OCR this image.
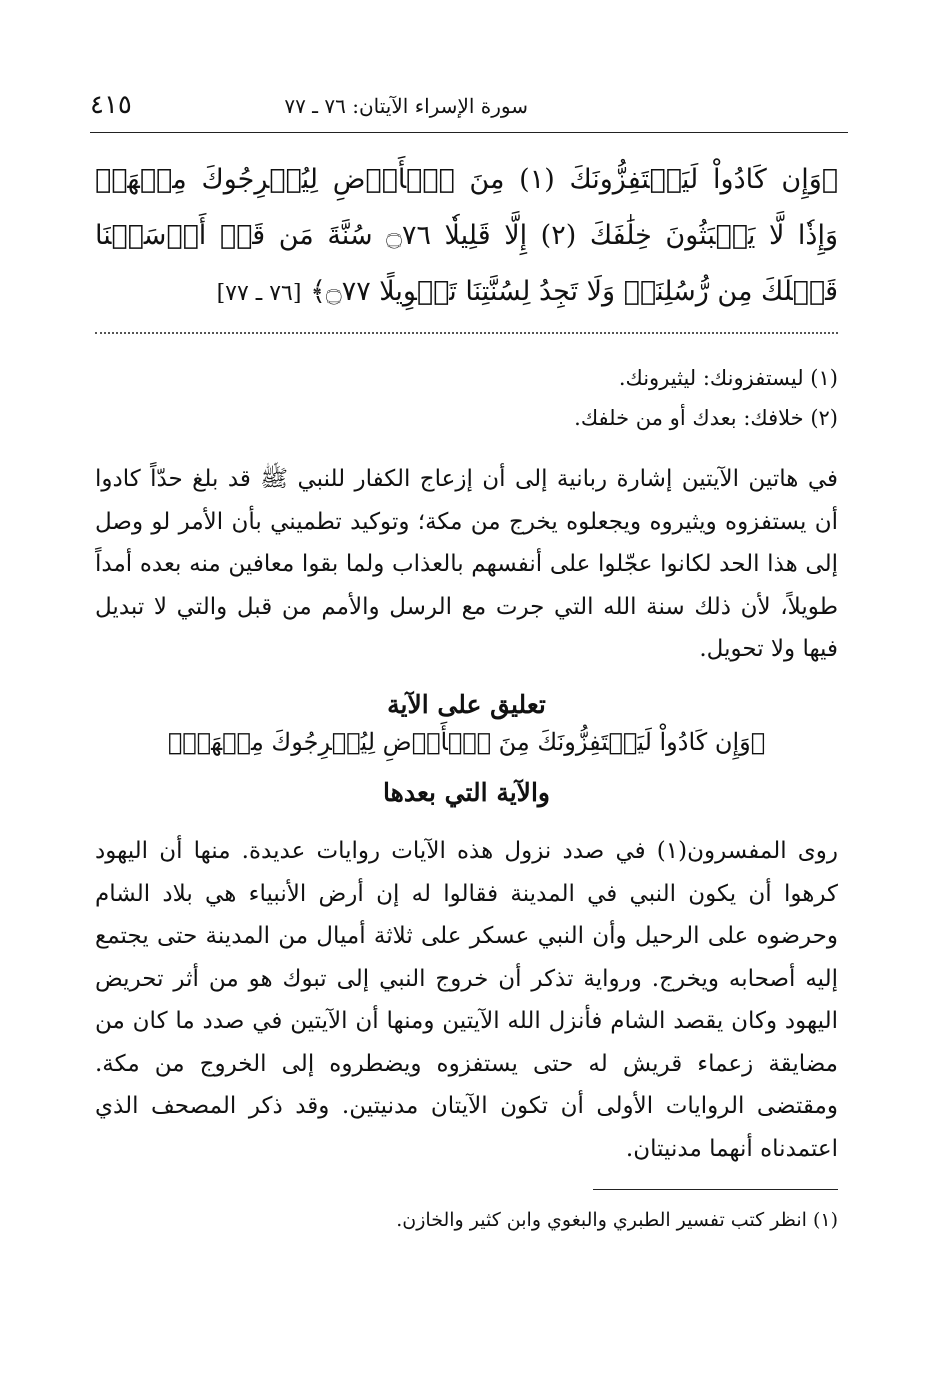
سورة الإسراء الآيتان: ٧٦ ـ ٧٧
٤١٥
﴿وَإِن كَادُواْ لَيَسۡتَفِزُّونَكَ (١) مِنَ ٱلۡأَرۡضِ لِيُخۡرِجُوكَ مِنۡهَاۖ وَإِذٗا لَّا يَلۡبَثُونَ خِلَٰفَكَ (٢) إِلَّا قَلِيلٗا ۝٧٦ سُنَّةَ مَن قَدۡ أَرۡسَلۡنَا قَبۡلَكَ مِن رُّسُلِنَاۖ وَلَا تَجِدُ لِسُنَّتِنَا تَحۡوِيلًا ۝٧٧﴾ [٧٦ ـ ٧٧]

(١) ليستفزونك: ليثيرونك.

(٢) خلافك: بعدك أو من خلفك.

في هاتين الآيتين إشارة ربانية إلى أن إزعاج الكفار للنبي ﷺ قد بلغ حدّاً كادوا أن يستفزوه ويثيروه ويجعلوه يخرج من مكة؛ وتوكيد تطميني بأن الأمر لو وصل إلى هذا الحد لكانوا عجّلوا على أنفسهم بالعذاب ولما بقوا معافين منه بعده أمداً طويلاً، لأن ذلك سنة الله التي جرت مع الرسل والأمم من قبل والتي لا تبديل فيها ولا تحويل.

تعليق على الآية

﴿وَإِن كَادُواْ لَيَسۡتَفِزُّونَكَ مِنَ ٱلۡأَرۡضِ لِيُخۡرِجُوكَ مِنۡهَاۖ﴾

والآية التي بعدها

روى المفسرون(١) في صدد نزول هذه الآيات روايات عديدة. منها أن اليهود كرهوا أن يكون النبي في المدينة فقالوا له إن أرض الأنبياء هي بلاد الشام وحرضوه على الرحيل وأن النبي عسكر على ثلاثة أميال من المدينة حتى يجتمع إليه أصحابه ويخرج. ورواية تذكر أن خروج النبي إلى تبوك هو من أثر تحريض اليهود وكان يقصد الشام فأنزل الله الآيتين ومنها أن الآيتين في صدد ما كان من مضايقة زعماء قريش له حتى يستفزوه ويضطروه إلى الخروج من مكة. ومقتضى الروايات الأولى أن تكون الآيتان مدنيتين. وقد ذكر المصحف الذي اعتمدناه أنهما مدنيتان.

(١) انظر كتب تفسير الطبري والبغوي وابن كثير والخازن.
